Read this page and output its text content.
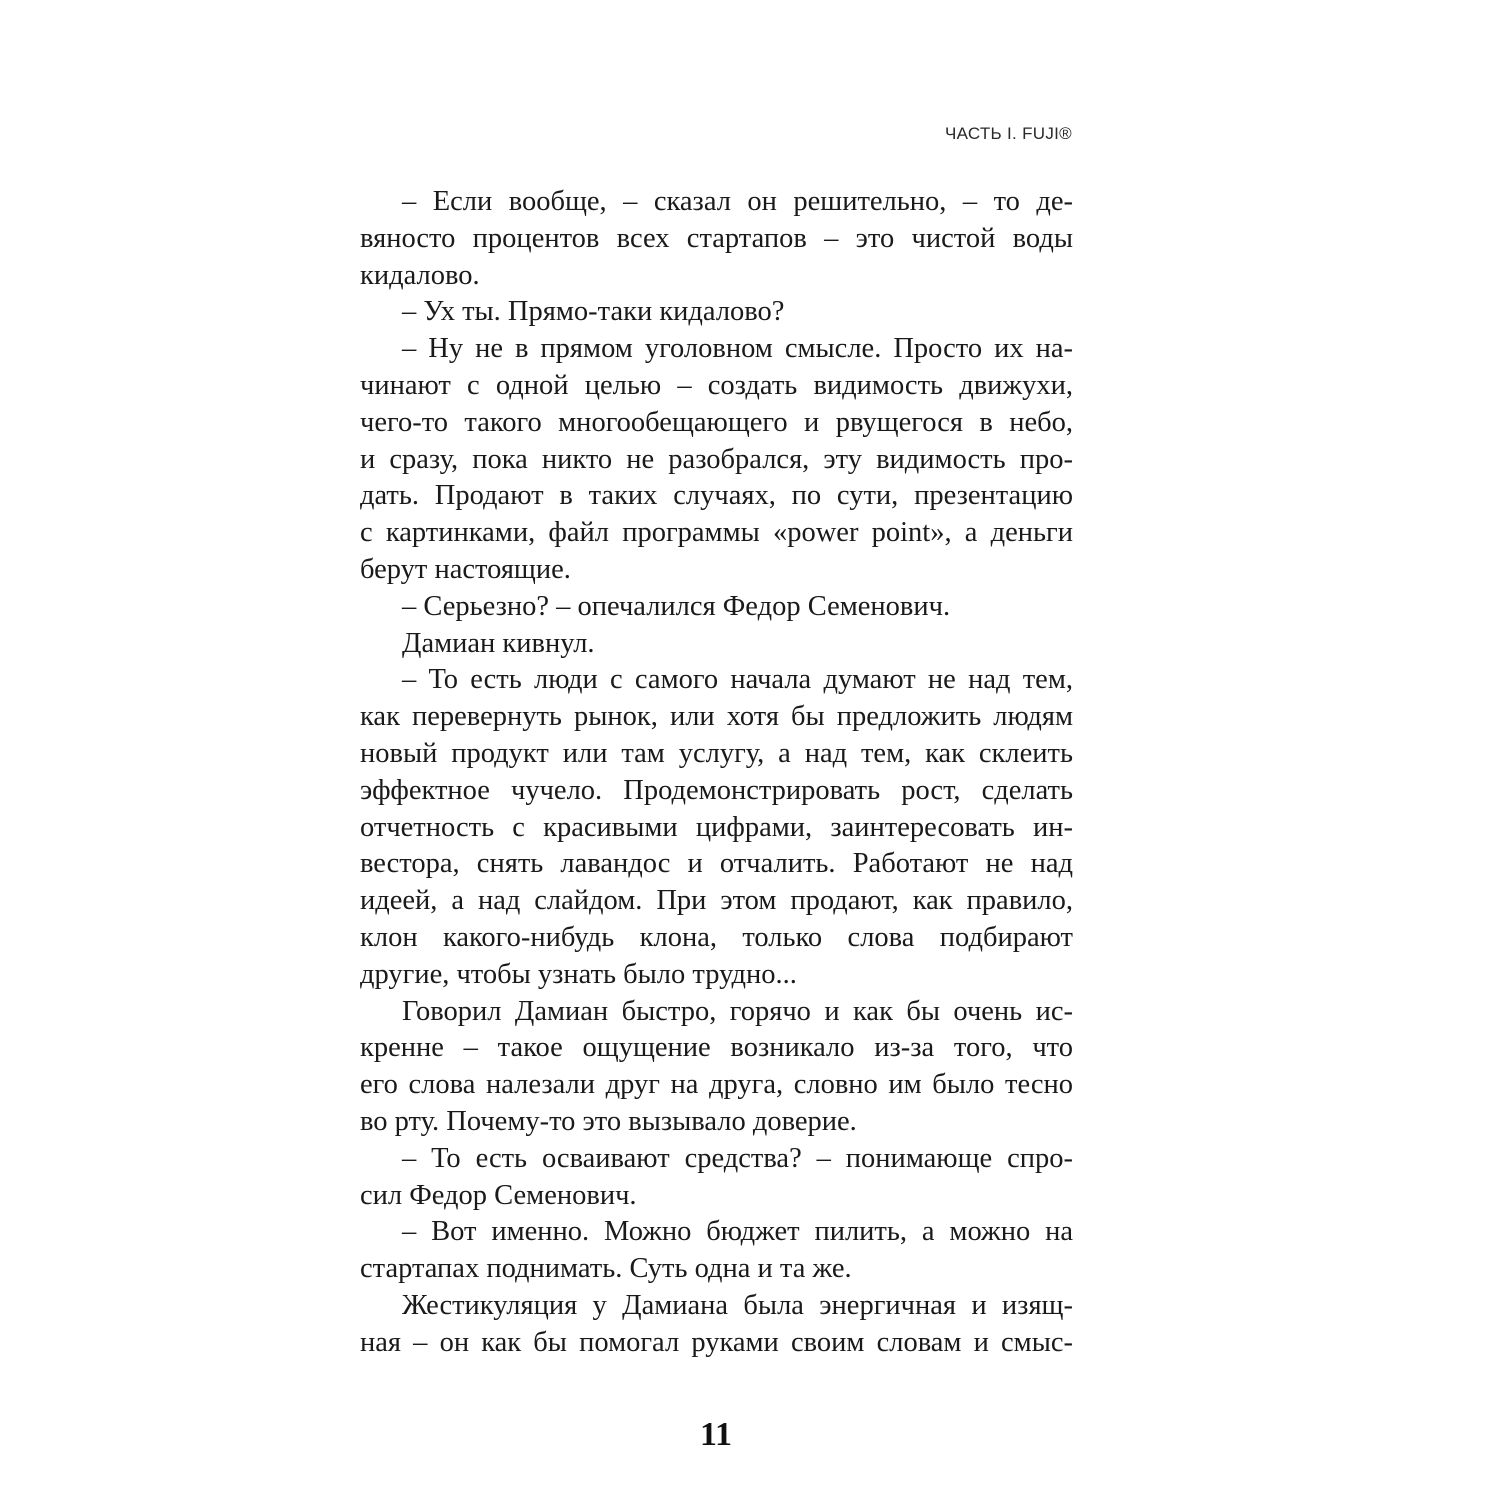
ЧАСТЬ I. FUJI®
– Если вообще, – сказал он решительно, – то де-
вяносто процентов всех стартапов – это чистой воды
кидалово.
– Ух ты. Прямо-таки кидалово?
– Ну не в прямом уголовном смысле. Просто их на-
чинают с одной целью – создать видимость движухи,
чего-то такого многообещающего и рвущегося в небо,
и сразу, пока никто не разобрался, эту видимость про-
дать. Продают в таких случаях, по сути, презентацию
с картинками, файл программы «power point», а деньги
берут настоящие.
– Серьезно? – опечалился Федор Семенович.
Дамиан кивнул.
– То есть люди с самого начала думают не над тем,
как перевернуть рынок, или хотя бы предложить людям
новый продукт или там услугу, а над тем, как склеить
эффектное чучело. Продемонстрировать рост, сделать
отчетность с красивыми цифрами, заинтересовать ин-
вестора, снять лавандос и отчалить. Работают не над
идеей, а над слайдом. При этом продают, как правило,
клон какого-нибудь клона, только слова подбирают
другие, чтобы узнать было трудно...
Говорил Дамиан быстро, горячо и как бы очень ис-
кренне – такое ощущение возникало из-за того, что
его слова налезали друг на друга, словно им было тесно
во рту. Почему-то это вызывало доверие.
– То есть осваивают средства? – понимающе спро-
сил Федор Семенович.
– Вот именно. Можно бюджет пилить, а можно на
стартапах поднимать. Суть одна и та же.
Жестикуляция у Дамиана была энергичная и изящ-
ная – он как бы помогал руками своим словам и смыс-
11
